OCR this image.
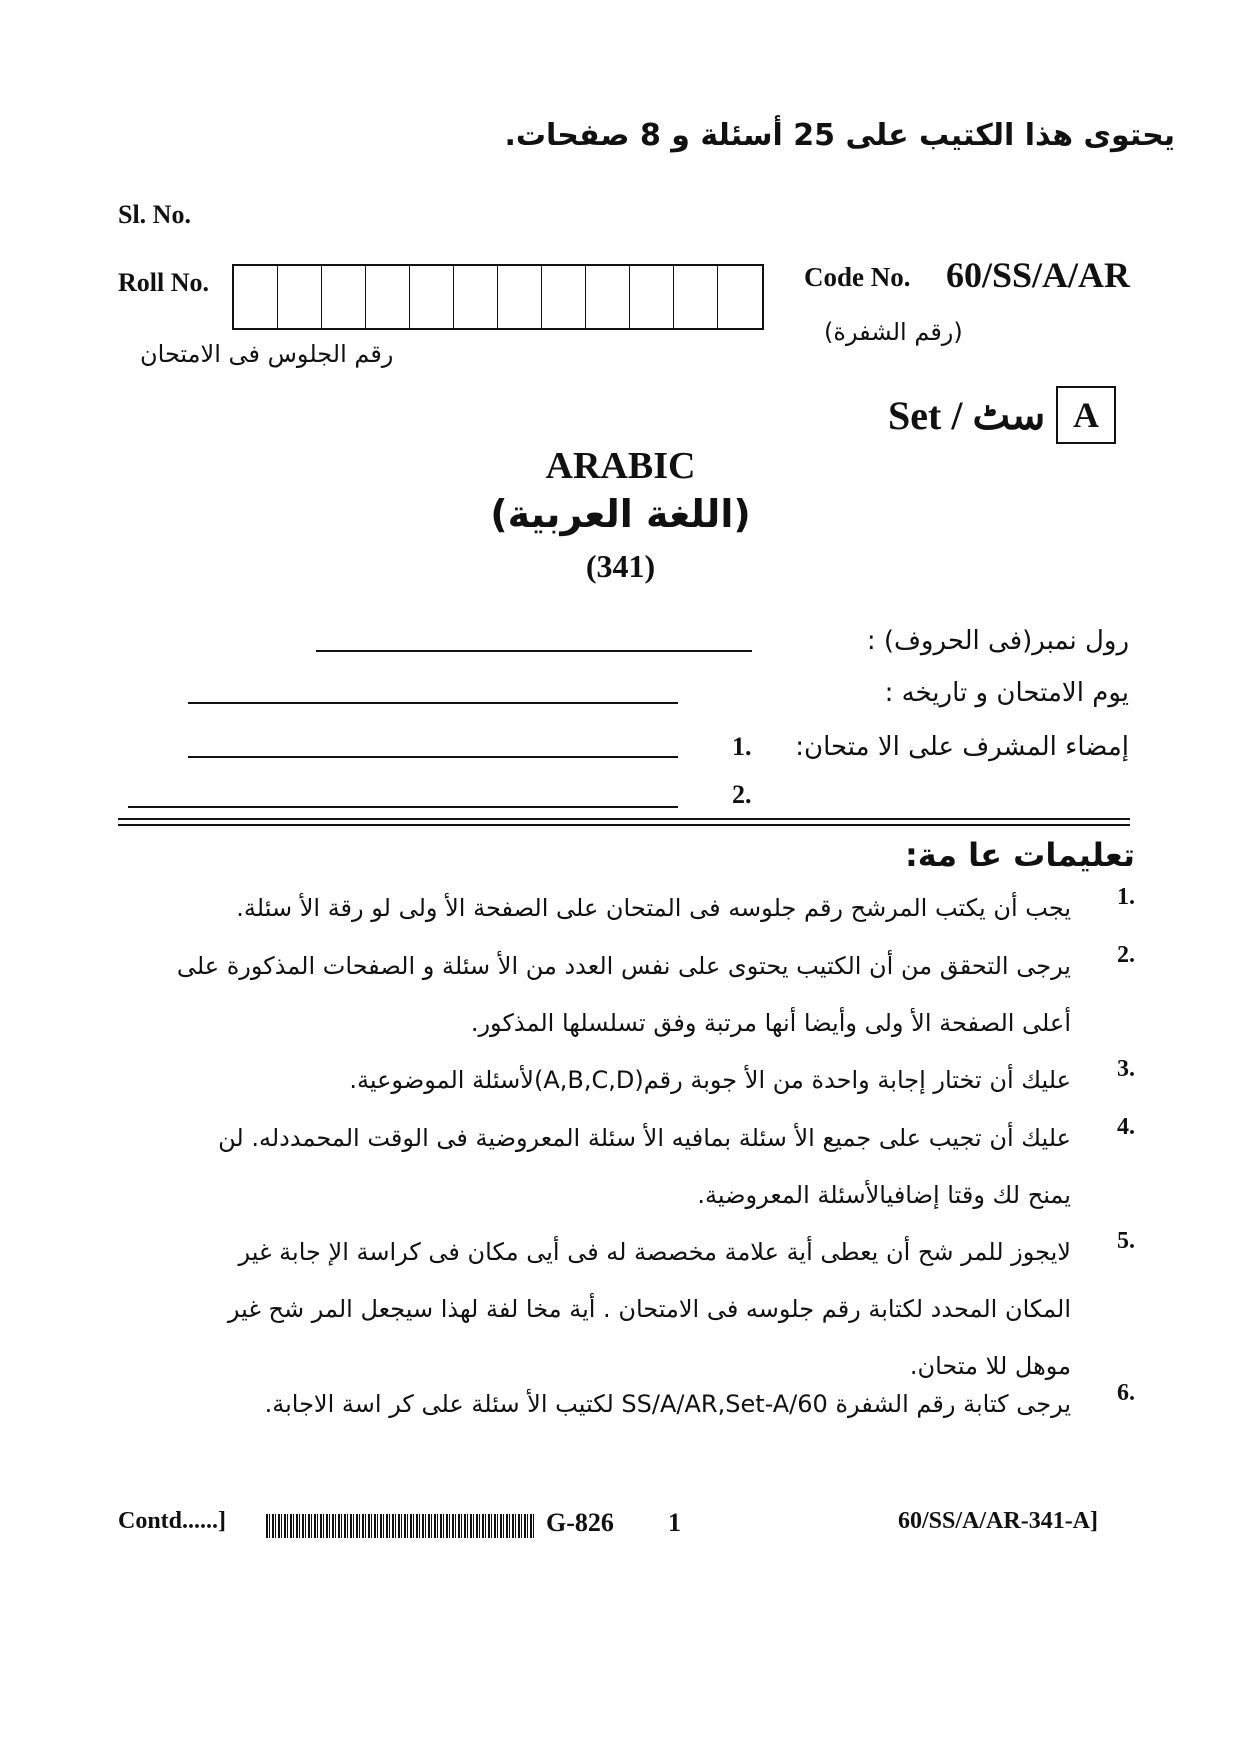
يحتوى هذا الكتيب على 25 أسئلة و 8 صفحات.
Sl. No.
Roll No.
رقم الجلوس فى الامتحان
Code No. 60/SS/A/AR
(رقم الشفرة)
Set / سٹ A
ARABIC
(اللغة العربية)
(341)
رول نمبر(فى الحروف) :
يوم الامتحان و تاريخه :
إمضاء المشرف على الا متحان:
1.
2.
تعليمات عا مة:
1.
يجب أن يكتب المرشح رقم جلوسه فى المتحان على الصفحة الأ ولى لو رقة الأ سئلة.
2.
يرجى التحقق من أن الكتيب يحتوى على نفس العدد من الأ سئلة و الصفحات المذكورة على أعلى الصفحة الأ ولى وأيضا أنها مرتبة وفق تسلسلها المذكور.
3.
عليك أن تختار إجابة واحدة من الأ جوبة رقم(A,B,C,D)لأسئلة الموضوعية.
4.
عليك أن تجيب على جميع الأ سئلة بمافيه الأ سئلة المعروضية فى الوقت المحمددله. لن يمنح لك وقتا إضافيالأسئلة المعروضية.
5.
لايجوز للمر شح أن يعطى أية علامة مخصصة له فى أيى مكان فى كراسة الإ جابة غير المكان المحدد لكتابة رقم جلوسه فى الامتحان . أية مخا لفة لهذا سيجعل المر شح غير موهل للا متحان.
6.
يرجى كتابة رقم الشفرة 60/SS/A/AR,Set-A لكتيب الأ سئلة على كر اسة الاجابة.
Contd......]	G-826 1	60/SS/A/AR-341-A]
